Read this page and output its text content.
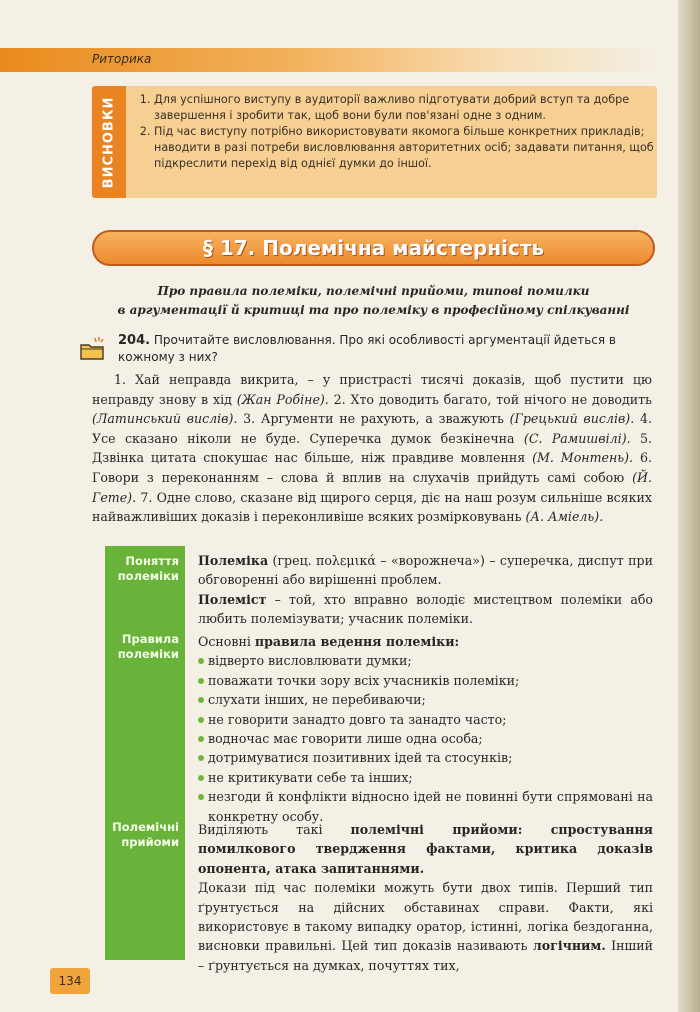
Риторика
ВИСНОВКИ
1.	Для успішного виступу в аудиторії важливо підготувати добрий вступ та добре завершення і зробити так, щоб вони були пов'язані одне з одним.
2. Під час виступу потрібно використовувати якомога більше конкретних прикладів; наводити в разі потреби висловлювання авторитетних осіб; задавати питання, щоб підкреслити перехід від однієї думки до іншої.
§ 17. Полемічна майстерність
Про правила полеміки, полемічні прийоми, типові помилки
в аргументації й критиці та про полеміку в професійному спілкуванні
204. Прочитайте висловлювання. Про які особливості аргументації йдеться в кожному з них?
1. Хай неправда викрита, – у пристрасті тисячі доказів, щоб пустити цю неправду знову в хід (Жан Робіне). 2. Хто доводить багато, той нічого не доводить (Латинський вислів). 3. Аргументи не рахують, а зважують (Грецький вислів). 4. Усе сказано ніколи не буде. Суперечка думок безкінечна (С. Рамишвілі). 5. Дзвінка цитата спокушає нас більше, ніж правдиве мовлення (М. Монтень). 6. Говори з переконанням – слова й вплив на слухачів прийдуть самі собою (Й. Гете). 7. Одне слово, сказане від щирого серця, діє на наш розум сильніше всяких найважливіших доказів і переконливіше всяких розмірковувань (А. Аміель).
Поняття
полеміки
Правила
полеміки
Полемічні
прийоми
Полеміка (грец. πολεμικά – «ворожнеча») – суперечка, диспут при обговоренні або вирішенні проблем.
Полеміст – той, хто вправно володіє мистецтвом полеміки або любить полемізувати; учасник полеміки.
Основні правила ведення полеміки:
відверто висловлювати думки;
поважати точки зору всіх учасників полеміки;
слухати інших, не перебиваючи;
не говорити занадто довго та занадто часто;
водночас має говорити лише одна особа;
дотримуватися позитивних ідей та стосунків;
не критикувати себе та інших;
незгоди й конфлікти відносно ідей не повинні бути спрямовані на конкретну особу.
Виділяють такі полемічні прийоми: спростування помилкового твердження фактами, критика доказів опонента, атака запитаннями.
Докази під час полеміки можуть бути двох типів. Перший тип ґрунтується на дійсних обставинах справи. Факти, які використовує в такому випадку оратор, істинні, логіка бездоганна, висновки правильні. Цей тип доказів називають логічним. Інший – ґрунтується на думках, почуттях тих,
134
